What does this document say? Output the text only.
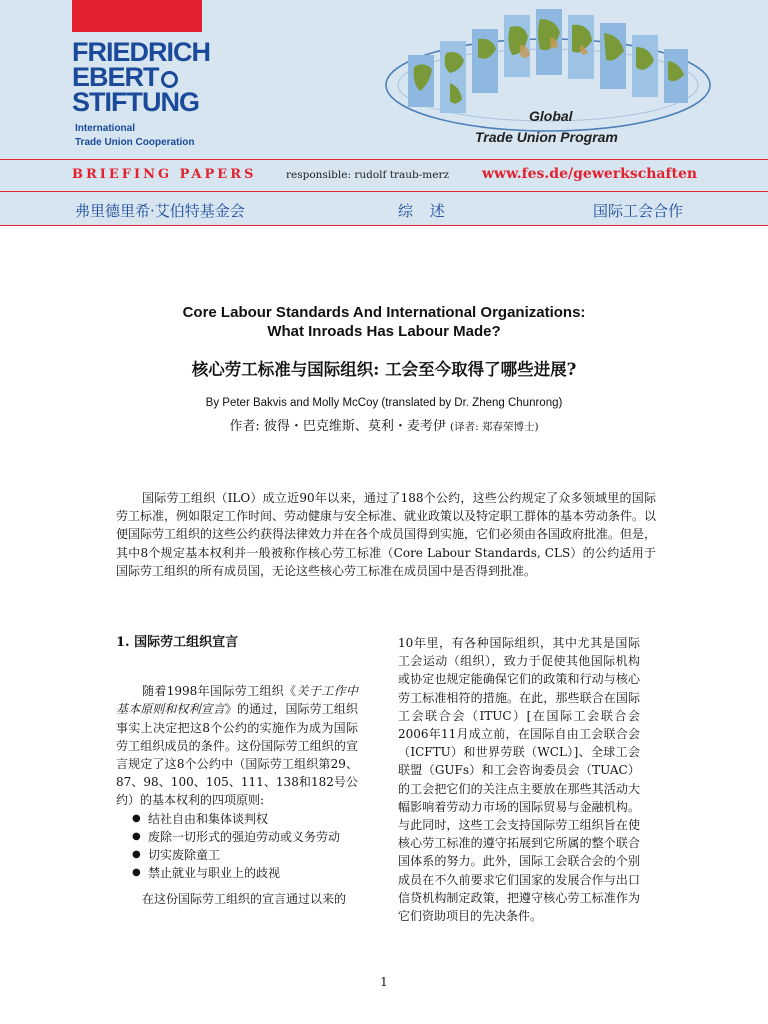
FRIEDRICH
EBERT
STIFTUNG
International
Trade Union Cooperation
Global
Trade Union Program
BRIEFING PAPERS	responsible: rudolf traub-merz www.fes.de/gewerkschaften
弗里德里希·艾伯特基金会	综 述	国际工会合作
Core Labour Standards And International Organizations:
What Inroads Has Labour Made?
核心劳工标准与国际组织: 工会至今取得了哪些进展?
By Peter Bakvis and Molly McCoy (translated by Dr. Zheng Chunrong)
作者: 彼得・巴克维斯、莫利・麦考伊 (译者: 郑春荣博士)

国际劳工组织（ILO）成立近90年以来，通过了188个公约，这些公约规定了众多领域里的国际劳工标准，例如限定工作时间、劳动健康与安全标准、就业政策以及特定职工群体的基本劳动条件。以便国际劳工组织的这些公约获得法律效力并在各个成员国得到实施，它们必须由各国政府批准。但是，其中8个规定基本权利并一般被称作核心劳工标准（Core Labour Standards, CLS）的公约适用于国际劳工组织的所有成员国，无论这些核心劳工标准在成员国中是否得到批准。

1. 国际劳工组织宣言

随着1998年国际劳工组织《关于工作中基本原则和权利宣言》的通过，国际劳工组织事实上决定把这8个公约的实施作为成为国际劳工组织成员的条件。这份国际劳工组织的宣言规定了这8个公约中（国际劳工组织第29、87、98、100、105、111、138和182号公约）的基本权利的四项原则:

● 结社自由和集体谈判权
● 废除一切形式的强迫劳动或义务劳动
● 切实废除童工
● 禁止就业与职业上的歧视

在这份国际劳工组织的宣言通过以来的

10年里，有各种国际组织，其中尤其是国际工会运动（组织），致力于促使其他国际机构或协定也规定能确保它们的政策和行动与核心劳工标准相符的措施。在此，那些联合在国际工会联合会（ITUC）[在国际工会联合会2006年11月成立前，在国际自由工会联合会（ICFTU）和世界劳联（WCL）]、全球工会联盟（GUFs）和工会咨询委员会（TUAC）的工会把它们的关注点主要放在那些其活动大幅影响着劳动力市场的国际贸易与金融机构。与此同时，这些工会支持国际劳工组织旨在使核心劳工标准的遵守拓展到它所属的整个联合国体系的努力。此外，国际工会联合会的个别成员在不久前要求它们国家的发展合作与出口信贷机构制定政策，把遵守核心劳工标准作为它们资助项目的先决条件。

1
